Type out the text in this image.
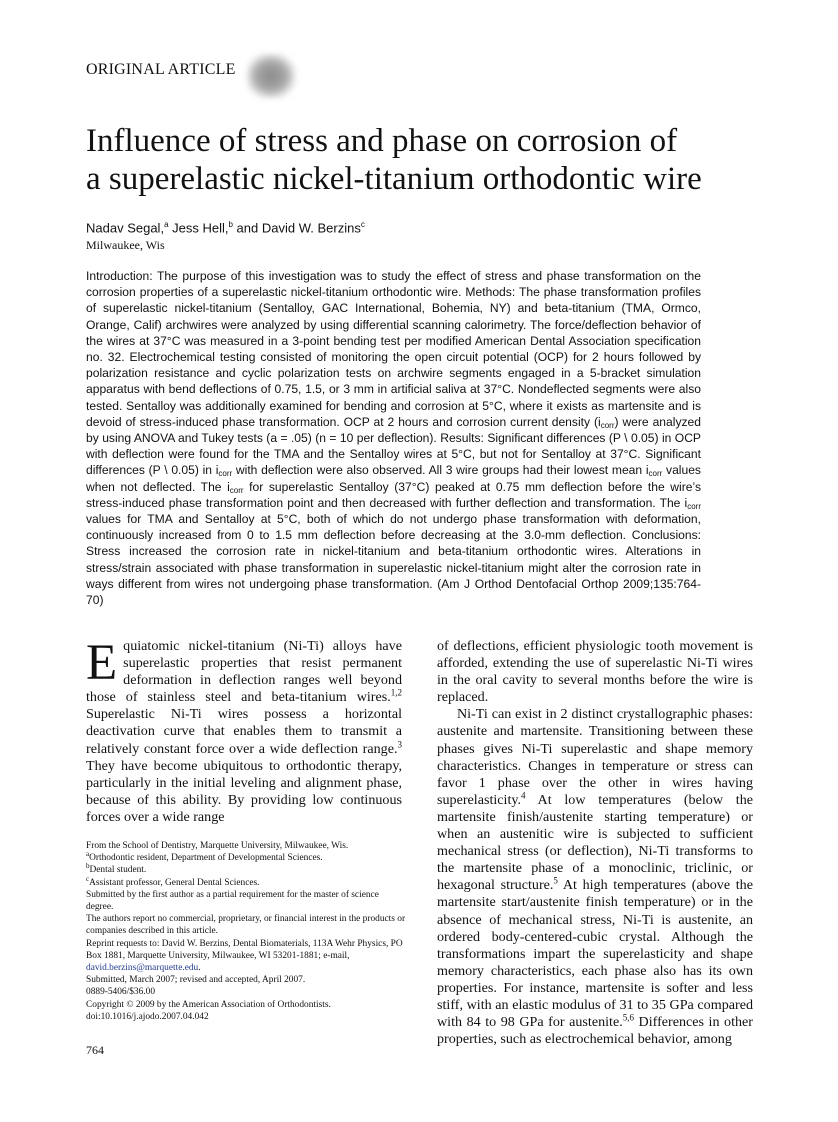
ORIGINAL ARTICLE
Influence of stress and phase on corrosion of
a superelastic nickel-titanium orthodontic wire
Nadav Segal,$^a$ Jess Hell,$^b$ and David W. Berzins$^c$
Milwaukee, Wis

Introduction: The purpose of this investigation was to study the effect of stress and phase transformation on the corrosion properties of a superelastic nickel-titanium orthodontic wire. Methods: The phase transformation profiles of superelastic nickel-titanium (Sentalloy, GAC International, Bohemia, NY) and beta-titanium (TMA, Ormco, Orange, Calif) archwires were analyzed by using differential scanning calorimetry. The force/deflection behavior of the wires at 37°C was measured in a 3-point bending test per modified American Dental Association specification no. 32. Electrochemical testing consisted of monitoring the open circuit potential (OCP) for 2 hours followed by polarization resistance and cyclic polarization tests on archwire segments engaged in a 5-bracket simulation apparatus with bend deflections of 0.75, 1.5, or 3 mm in artificial saliva at 37°C. Nondeflected segments were also tested. Sentalloy was additionally examined for bending and corrosion at 5°C, where it exists as martensite and is devoid of stress-induced phase transformation. OCP at 2 hours and corrosion current density $(i_{corr})$ were analyzed by using ANOVA and Tukey tests (a = .05) (n = 10 per deflection). Results: Significant differences (P \ 0.05) in OCP with deflection were found for the TMA and the Sentalloy wires at 5°C, but not for Sentalloy at 37°C. Significant differences (P \ 0.05) in $i_{corr}$ with deflection were also observed. All 3 wire groups had their lowest mean $i_{corr}$ values when not deflected. The $i_{corr}$ for superelastic Sentalloy (37°C) peaked at 0.75 mm deflection before the wire’s stress-induced phase transformation point and then decreased with further deflection and transformation. The $i_{corr}$ values for TMA and Sentalloy at 5°C, both of which do not undergo phase transformation with deformation, continuously increased from 0 to 1.5 mm deflection before decreasing at the 3.0-mm deflection. Conclusions: Stress increased the corrosion rate in nickel-titanium and beta-titanium orthodontic wires. Alterations in stress/strain associated with phase transformation in superelastic nickel-titanium might alter the corrosion rate in ways different from wires not undergoing phase transformation. (Am J Orthod Dentofacial Orthop 2009;135:764-70)

Equiatomic nickel-titanium (Ni-Ti) alloys have superelastic properties that resist permanent deformation in deflection ranges well beyond those of stainless steel and beta-titanium wires.$^{1,2}$ Superelastic Ni-Ti wires possess a horizontal deactivation curve that enables them to transmit a relatively constant force over a wide deflection range.$^3$ They have become ubiquitous to orthodontic therapy, particularly in the initial leveling and alignment phase, because of this ability. By providing low continuous forces over a wide range

of deflections, efficient physiologic tooth movement is afforded, extending the use of superelastic Ni-Ti wires in the oral cavity to several months before the wire is replaced.

Ni-Ti can exist in 2 distinct crystallographic phases: austenite and martensite. Transitioning between these phases gives Ni-Ti superelastic and shape memory characteristics. Changes in temperature or stress can favor 1 phase over the other in wires having superelasticity.$^4$ At low temperatures (below the martensite finish/austenite starting temperature) or when an austenitic wire is subjected to sufficient mechanical stress (or deflection), Ni-Ti transforms to the martensite phase of a monoclinic, triclinic, or hexagonal structure.$^5$ At high temperatures (above the martensite start/austenite finish temperature) or in the absence of mechanical stress, Ni-Ti is austenite, an ordered body-centered-cubic crystal. Although the transformations impart the superelasticity and shape memory characteristics, each phase also has its own properties. For instance, martensite is softer and less stiff, with an elastic modulus of 31 to 35 GPa compared with 84 to 98 GPa for austenite.$^{5,6}$ Differences in other properties, such as electrochemical behavior, among

From the School of Dentistry, Marquette University, Milwaukee, Wis.

$^a$Orthodontic resident, Department of Developmental Sciences.

$^b$Dental student.

$^c$Assistant professor, General Dental Sciences.

Submitted by the first author as a partial requirement for the master of science degree.

The authors report no commercial, proprietary, or financial interest in the products or companies described in this article.

Reprint requests to: David W. Berzins, Dental Biomaterials, 113A Wehr Physics, PO Box 1881, Marquette University, Milwaukee, WI 53201-1881; e-mail, david.berzins@marquette.edu.

Submitted, March 2007; revised and accepted, April 2007.

0889-5406/$36.00

Copyright © 2009 by the American Association of Orthodontists.

doi:10.1016/j.ajodo.2007.04.042

764
